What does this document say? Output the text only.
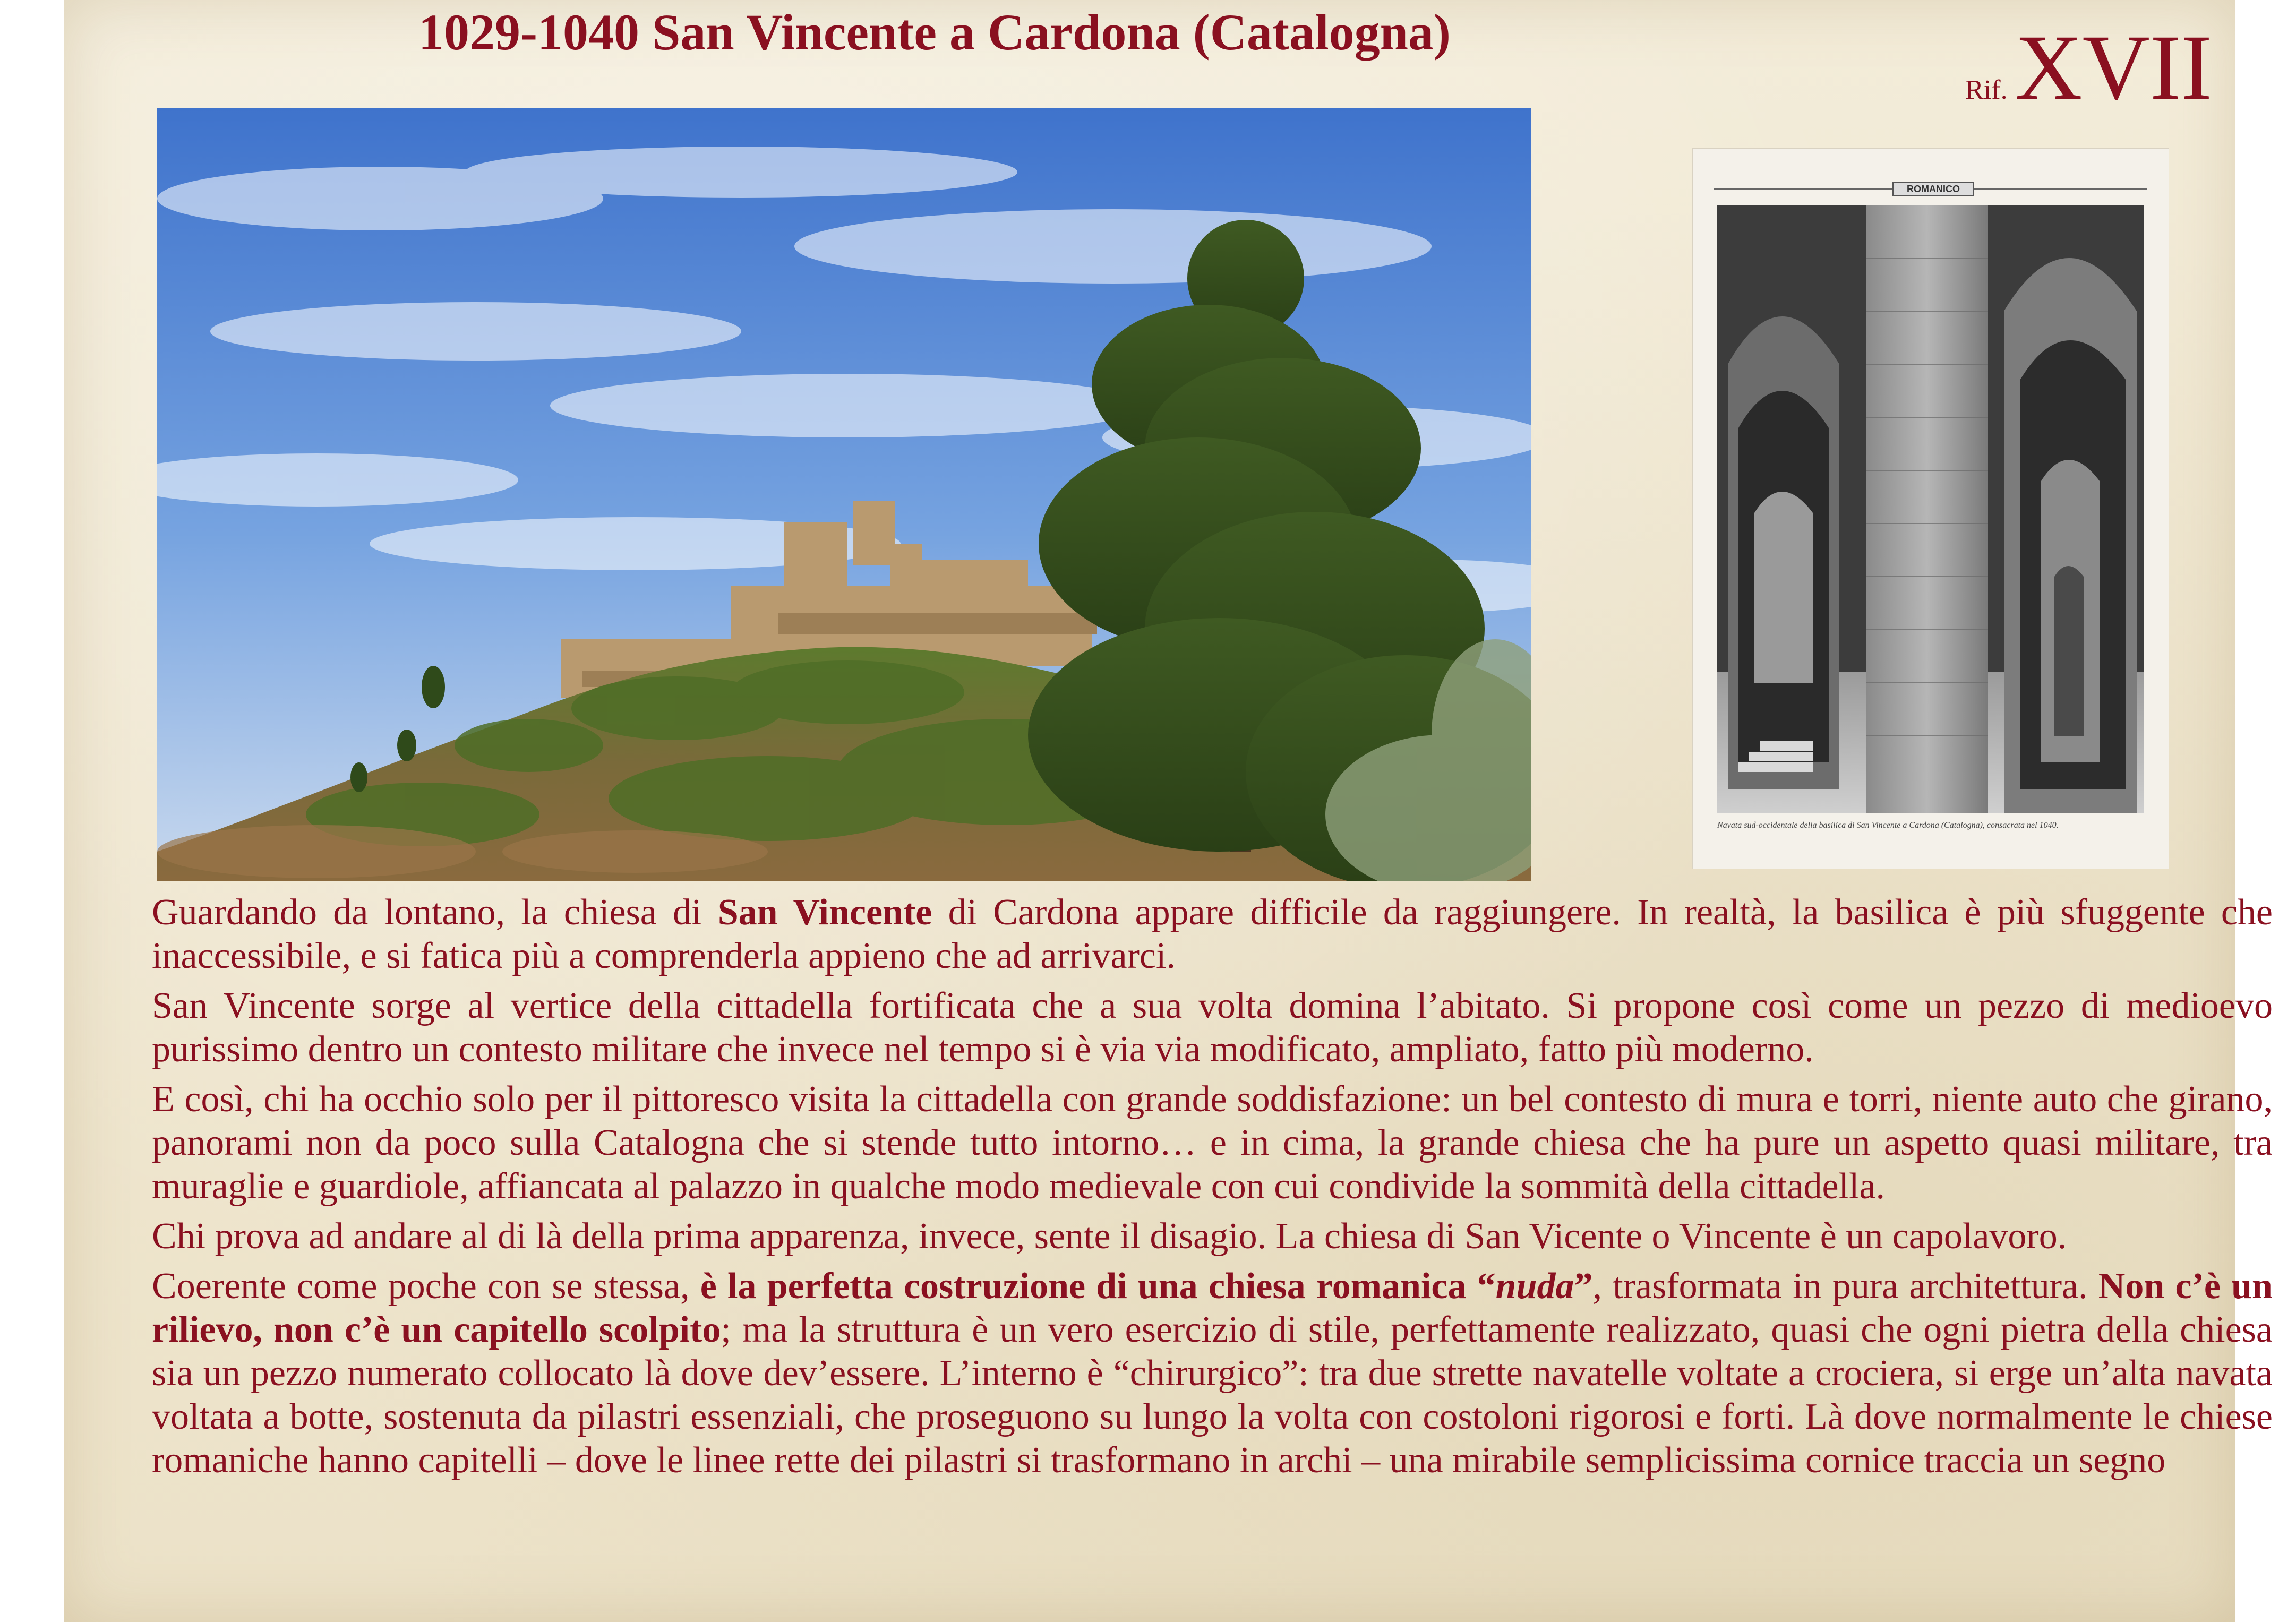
1029-1040 San Vincente a Cardona (Catalogna)
Rif. XVII
ROMANICO
Navata sud-occidentale della basilica di San Vincente a Cardona (Catalogna), consacrata nel 1040.

Guardando da lontano, la chiesa di San Vincente di Cardona appare difficile da raggiungere. In realtà, la basilica è più sfuggente che inaccessibile, e si fatica più a comprenderla appieno che ad arrivarci.

San Vincente sorge al vertice della cittadella fortificata che a sua volta domina l’abitato. Si propone così come un pezzo di medioevo purissimo dentro un contesto militare che invece nel tempo si è via via modificato, ampliato, fatto più moderno.

E così, chi ha occhio solo per il pittoresco visita la cittadella con grande soddisfazione: un bel contesto di mura e torri, niente auto che girano, panorami non da poco sulla Catalogna che si stende tutto intorno… e in cima, la grande chiesa che ha pure un aspetto quasi militare, tra muraglie e guardiole, affiancata al palazzo in qualche modo medievale con cui condivide la sommità della cittadella.

Chi prova ad andare al di là della prima apparenza, invece, sente il disagio. La chiesa di San Vicente o Vincente è un capolavoro.

Coerente come poche con se stessa, è la perfetta costruzione di una chiesa romanica “nuda”, trasformata in pura architettura. Non c’è un rilievo, non c’è un capitello scolpito; ma la struttura è un vero esercizio di stile, perfettamente realizzato, quasi che ogni pietra della chiesa sia un pezzo numerato collocato là dove dev’essere. L’interno è “chirurgico”: tra due strette navatelle voltate a crociera, si erge un’alta navata voltata a botte, sostenuta da pilastri essenziali, che proseguono su lungo la volta con costoloni rigorosi e forti. Là dove normalmente le chiese romaniche hanno capitelli – dove le linee rette dei pilastri si trasformano in archi – una mirabile semplicissima cornice traccia un segno
